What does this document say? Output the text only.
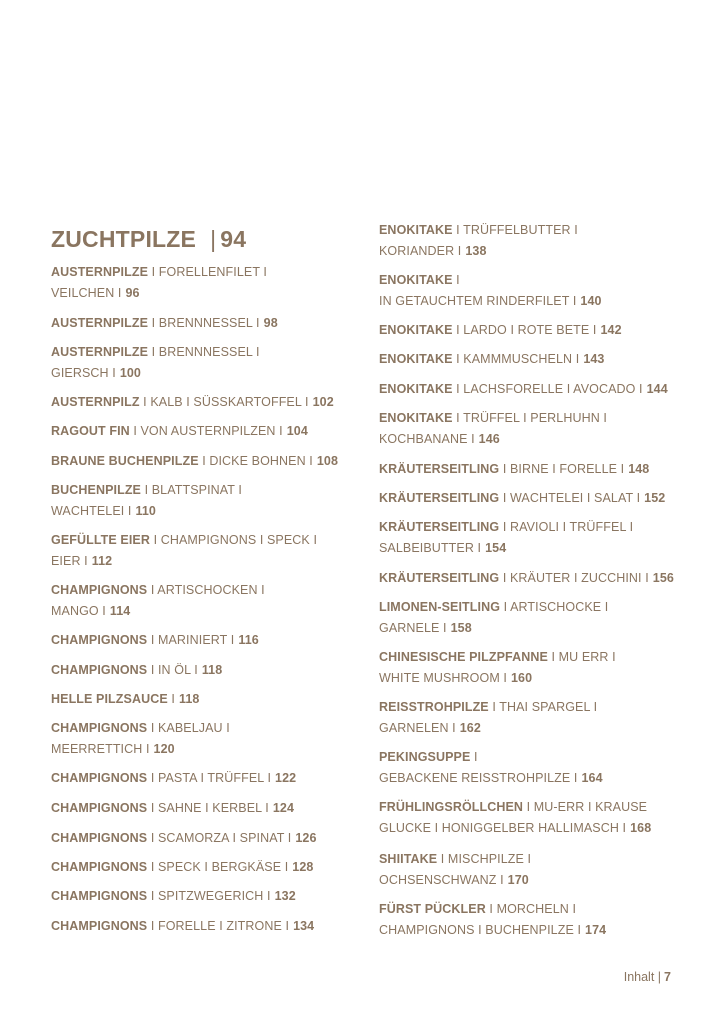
ZUCHTPILZE | 94
AUSTERNPILZE I FORELLENFILET I
VEILCHEN I 96
AUSTERNPILZE I BRENNNESSEL I 98
AUSTERNPILZE I BRENNNESSEL I
GIERSCH I 100
AUSTERNPILZ I KALB I SÜSSKARTOFFEL I 102
RAGOUT FIN I VON AUSTERNPILZEN I 104
BRAUNE BUCHENPILZE I DICKE BOHNEN I 108
BUCHENPILZE I BLATTSPINAT I
WACHTELEI I 110
GEFÜLLTE EIER I CHAMPIGNONS I SPECK I
EIER I 112
CHAMPIGNONS I ARTISCHOCKEN I
MANGO I 114
CHAMPIGNONS I MARINIERT I 116
CHAMPIGNONS I IN ÖL I 118
HELLE PILZSAUCE I 118
CHAMPIGNONS I KABELJAU I
MEERRETTICH I 120
CHAMPIGNONS I PASTA I TRÜFFEL I 122
CHAMPIGNONS I SAHNE I KERBEL I 124
CHAMPIGNONS I SCAMORZA I SPINAT I 126
CHAMPIGNONS I SPECK I BERGKÄSE I 128
CHAMPIGNONS I SPITZWEGERICH I 132
CHAMPIGNONS I FORELLE I ZITRONE I 134
ENOKITAKE I TRÜFFELBUTTER I
KORIANDER I 138
ENOKITAKE I
IN GETAUCHTEM RINDERFILET I 140
ENOKITAKE I LARDO I ROTE BETE I 142
ENOKITAKE I KAMMMUSCHELN I 143
ENOKITAKE I LACHSFORELLE I AVOCADO I 144
ENOKITAKE I TRÜFFEL I PERLHUHN I
KOCHBANANE I 146
KRÄUTERSEITLING I BIRNE I FORELLE I 148
KRÄUTERSEITLING I WACHTELEI I SALAT I 152
KRÄUTERSEITLING I RAVIOLI I TRÜFFEL I
SALBEIBUTTER I 154
KRÄUTERSEITLING I KRÄUTER I ZUCCHINI I 156
LIMONEN-SEITLING I ARTISCHOCKE I
GARNELE I 158
CHINESISCHE PILZPFANNE I MU ERR I
WHITE MUSHROOM I 160
REISSTROHPILZE I THAI SPARGEL I
GARNELEN I 162
PEKINGSUPPE I
GEBACKENE REISSTROHPILZE I 164
FRÜHLINGSRÖLLCHEN I MU-ERR I KRAUSE
GLUCKE I HONIGGELBER HALLIMASCH I 168
SHIITAKE I MISCHPILZE I
OCHSENSCHWANZ I 170
FÜRST PÜCKLER I MORCHELN I
CHAMPIGNONS I BUCHENPILZE I 174
Inhalt | 7
